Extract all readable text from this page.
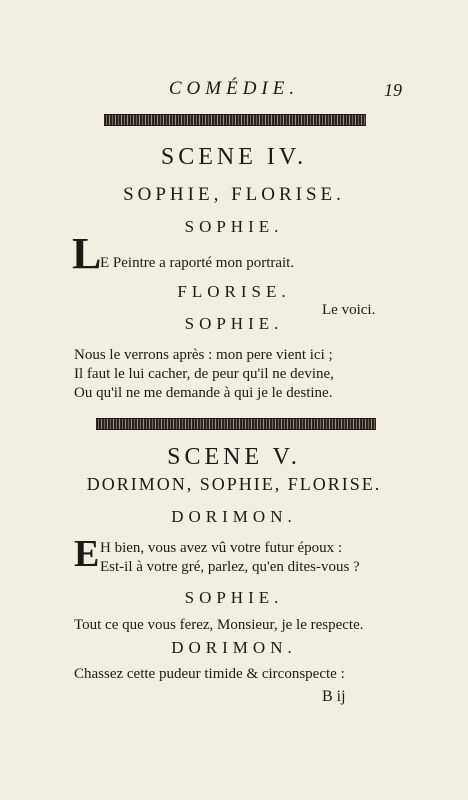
COMÉDIE.	19
SCENE IV.
SOPHIE, FLORISE.
SOPHIE.
L
E Peintre a raporté mon portrait.
FLORISE.
Le voici.
SOPHIE.
Nous le verrons après : mon pere vient ici ;
Il faut le lui cacher, de peur qu'il ne devine,
Ou qu'il ne me demande à qui je le destine.
SCENE V.
DORIMON, SOPHIE, FLORISE.
DORIMON.
E H bien, vous avez vû votre futur époux :
Est-il à votre gré, parlez, qu'en dites-vous ?
SOPHIE.
Tout ce que vous ferez, Monsieur, je le respecte.
DORIMON.
Chassez cette pudeur timide & circonspecte :
B ij
